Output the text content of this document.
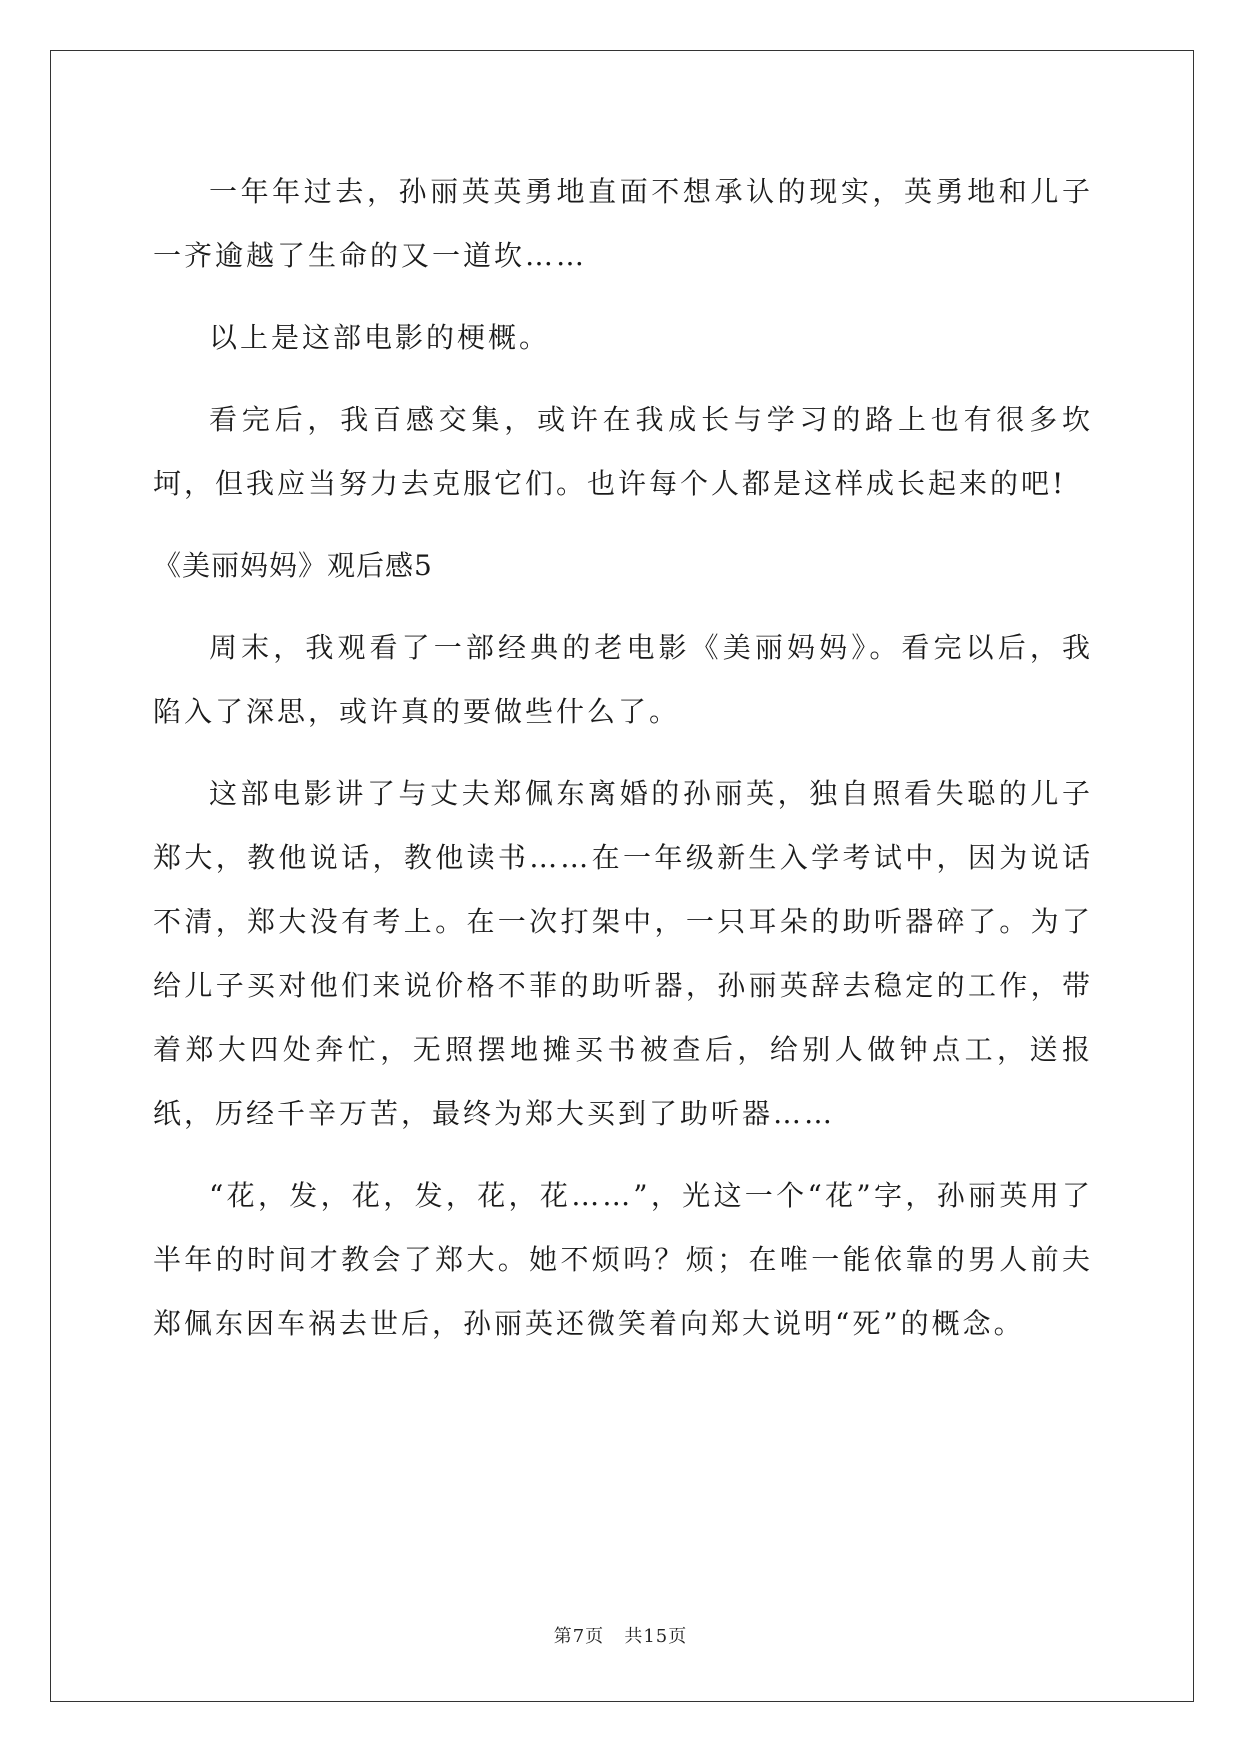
一年年过去，孙丽英英勇地直面不想承认的现实，英勇地和儿子一齐逾越了生命的又一道坎……

以上是这部电影的梗概。

看完后，我百感交集，或许在我成长与学习的路上也有很多坎坷，但我应当努力去克服它们。也许每个人都是这样成长起来的吧!

《美丽妈妈》观后感5

周末，我观看了一部经典的老电影《美丽妈妈》。看完以后，我陷入了深思，或许真的要做些什么了。

这部电影讲了与丈夫郑佩东离婚的孙丽英，独自照看失聪的儿子郑大，教他说话，教他读书……在一年级新生入学考试中，因为说话不清，郑大没有考上。在一次打架中，一只耳朵的助听器碎了。为了给儿子买对他们来说价格不菲的助听器，孙丽英辞去稳定的工作，带着郑大四处奔忙，无照摆地摊买书被查后，给别人做钟点工，送报纸，历经千辛万苦，最终为郑大买到了助听器……

“花，发，花，发，花，花……”，光这一个“花”字，孙丽英用了半年的时间才教会了郑大。她不烦吗？烦；在唯一能依靠的男人前夫郑佩东因车祸去世后，孙丽英还微笑着向郑大说明“死”的概念。

第7页 共15页
